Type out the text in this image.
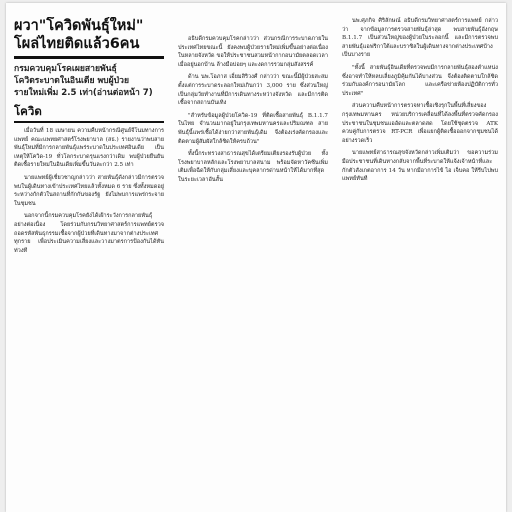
ผวา"โควิดพันธุ์ใหม่"
โผล่ไทยติดแล้ว6คน

กรมควบคุมโรคเผยสายพันธุ์

โควิดระบาดในอินเดีย พบผู้ป่วย

รายใหม่เพิ่ม 2.5 เท่า(อ่านต่อหน้า 7)

โควิด

เมื่อวันที่ 18 เมษายน ความคืบหน้ากรณีศูนย์จีโนมทางการแพทย์ คณะแพทยศาสตร์โรงพยาบาล (สธ.) รายงานว่าพบสายพันธุ์ใหม่ที่มีการกลายพันธุ์แพร่ระบาดในประเทศอินเดีย เป็นเหตุให้โควิด-19 ทั่วโลกระบาดรุนแรงกว่าเดิม พบผู้ป่วยยืนยันติดเชื้อรายใหม่ในอินเดียเพิ่มขึ้นวันละกว่า 2.5 เท่า

นายแพทย์ผู้เชี่ยวชาญกล่าวว่า สายพันธุ์ดังกล่าวมีการตรวจพบในผู้เดินทางเข้าประเทศไทยแล้วทั้งหมด 6 ราย ซึ่งทั้งหมดอยู่ระหว่างกักตัวในสถานที่กักกันของรัฐ ยังไม่พบการแพร่กระจายในชุมชน

นอกจากนี้กรมควบคุมโรคยังได้เฝ้าระวังการกลายพันธุ์อย่างต่อเนื่อง โดยร่วมกับกรมวิทยาศาสตร์การแพทย์ตรวจถอดรหัสพันธุกรรมเชื้อจากผู้ป่วยที่เดินทางมาจากต่างประเทศทุกราย เพื่อประเมินความเสี่ยงและวางมาตรการป้องกันได้ทันท่วงที

อธิบดีกรมควบคุมโรคกล่าวว่า ส่วนกรณีการระบาดภายในประเทศไทยขณะนี้ ยังคงพบผู้ป่วยรายใหม่เพิ่มขึ้นอย่างต่อเนื่องในหลายจังหวัด ขอให้ประชาชนสวมหน้ากากอนามัยตลอดเวลาเมื่ออยู่นอกบ้าน ล้างมือบ่อยๆ และงดการรวมกลุ่มสังสรรค์

ด้าน นพ.โอภาส เอี่ยมสิริวงศ์ กล่าวว่า ขณะนี้มีผู้ป่วยสะสมตั้งแต่การระบาดระลอกใหม่เกินกว่า 3,000 ราย ซึ่งส่วนใหญ่เป็นกลุ่มวัยทำงานที่มีการเดินทางระหว่างจังหวัด และมีการติดเชื้อจากสถานบันเทิง

"สำหรับข้อมูลผู้ป่วยโควิด-19 ที่ติดเชื้อสายพันธุ์ B.1.1.7 ในไทย จำนวนมากอยู่ในกรุงเทพมหานครและปริมณฑล สายพันธุ์นี้แพร่เชื้อได้ง่ายกว่าสายพันธุ์เดิม จึงต้องเร่งคัดกรองและติดตามผู้สัมผัสใกล้ชิดให้ครบถ้วน"

ทั้งนี้กระทรวงสาธารณสุขได้เตรียมเตียงรองรับผู้ป่วย ทั้งโรงพยาบาลหลักและโรงพยาบาลสนาม พร้อมจัดหาวัคซีนเพิ่มเติมเพื่อฉีดให้กับกลุ่มเสี่ยงและบุคลากรด่านหน้าให้ได้มากที่สุดในระยะเวลาอันสั้น

นพ.ศุภกิจ ศิริลักษณ์ อธิบดีกรมวิทยาศาสตร์การแพทย์ กล่าวว่า จากข้อมูลการตรวจสายพันธุ์ล่าสุด พบสายพันธุ์อังกฤษ B.1.1.7 เป็นส่วนใหญ่ของผู้ป่วยในระลอกนี้ และมีการตรวจพบสายพันธุ์แอฟริกาใต้และบราซิลในผู้เดินทางจากต่างประเทศบ้างเป็นบางราย

"ทั้งนี้ สายพันธุ์อินเดียที่ตรวจพบมีการกลายพันธุ์สองตำแหน่ง ซึ่งอาจทำให้หลบเลี่ยงภูมิคุ้มกันได้บางส่วน จึงต้องติดตามใกล้ชิดร่วมกับองค์การอนามัยโลก และเครือข่ายห้องปฏิบัติการทั่วประเทศ"

ส่วนความคืบหน้าการตรวจหาเชื้อเชิงรุกในพื้นที่เสี่ยงของกรุงเทพมหานคร หน่วยบริการเคลื่อนที่ได้ลงพื้นที่ตรวจคัดกรองประชาชนในชุมชนแออัดและตลาดสด โดยใช้ชุดตรวจ ATK ควบคู่กับการตรวจ RT-PCR เพื่อแยกผู้ติดเชื้อออกจากชุมชนได้อย่างรวดเร็ว

นายแพทย์สาธารณสุขจังหวัดกล่าวเพิ่มเติมว่า ขอความร่วมมือประชาชนที่เดินทางกลับจากพื้นที่ระบาดให้แจ้งเจ้าหน้าที่และกักตัวสังเกตอาการ 14 วัน หากมีอาการไข้ ไอ เจ็บคอ ให้รีบไปพบแพทย์ทันที
